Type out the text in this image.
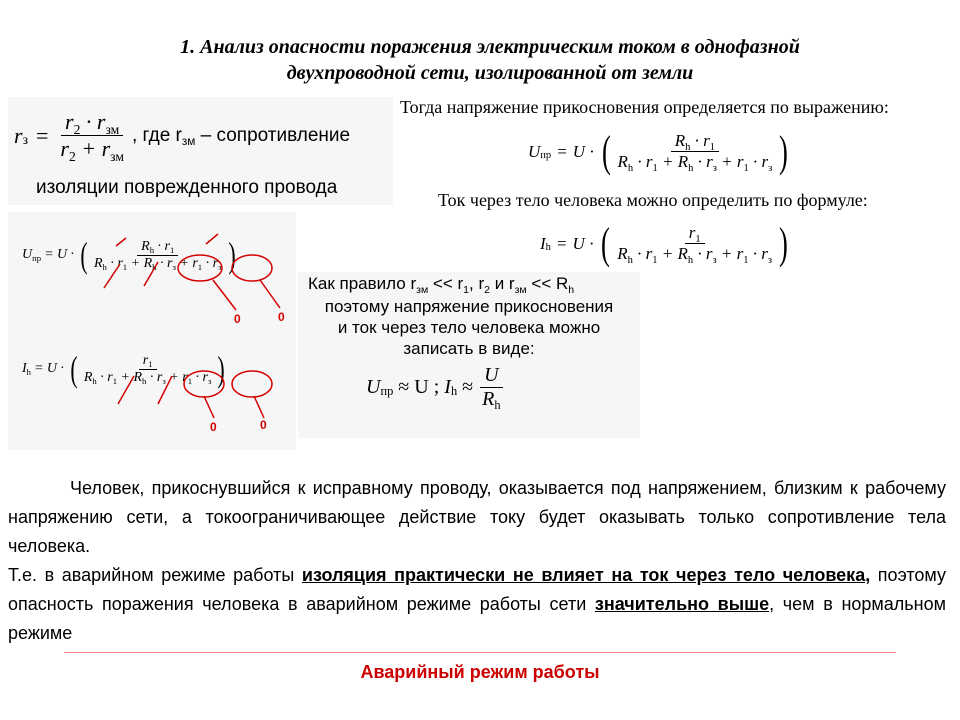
1. Анализ опасности поражения электрическим током в однофазной
двухпроводной сети, изолированной от земли
r $з = \frac{r_2 \cdot r_{зм}}{r_2 + r_{зм}}$ , где $r_{зм}$ – сопротивление
изоляции поврежденного провода
U пр = U · ( $\frac{R_h \cdot r_1}{R_h \cdot r_1 + R_h \cdot r_з + r_1 \cdot r_з}$ )
0	0
I h = U · ( $\frac{r_1}{R_h \cdot r_1 + R_h \cdot r_з + r_1 \cdot r_з}$ )
0	0
Тогда напряжение прикосновения определяется по выражению:
U пр = U · ( $\frac{R_h \cdot r_1}{R_h \cdot r_1 + R_h \cdot r_з + r_1 \cdot r_з}$ )
Ток через тело человека можно определить по формуле:
I h = U · ( $\frac{r_1}{R_h \cdot r_1 + R_h \cdot r_з + r_1 \cdot r_з}$ )
Как правило $r_{зм} << r_1$, $r_2$ и $r_{зм} << R_h$
поэтому напряжение прикосновения
и ток через тело человека можно
записать в виде:
U пр ≈ U ; I $h \approx \frac{U}{R_h}$
Человек, прикоснувшийся к исправному проводу, оказывается под напряжением, близким к рабочему напряжению сети, а токоограничивающее действие току будет оказывать только сопротивление тела человека.
Т.е. в аварийном режиме работы изоляция практически не влияет на ток через тело человека, поэтому опасность поражения человека в аварийном режиме работы сети значительно выше, чем в нормальном режиме
Аварийный режим работы
